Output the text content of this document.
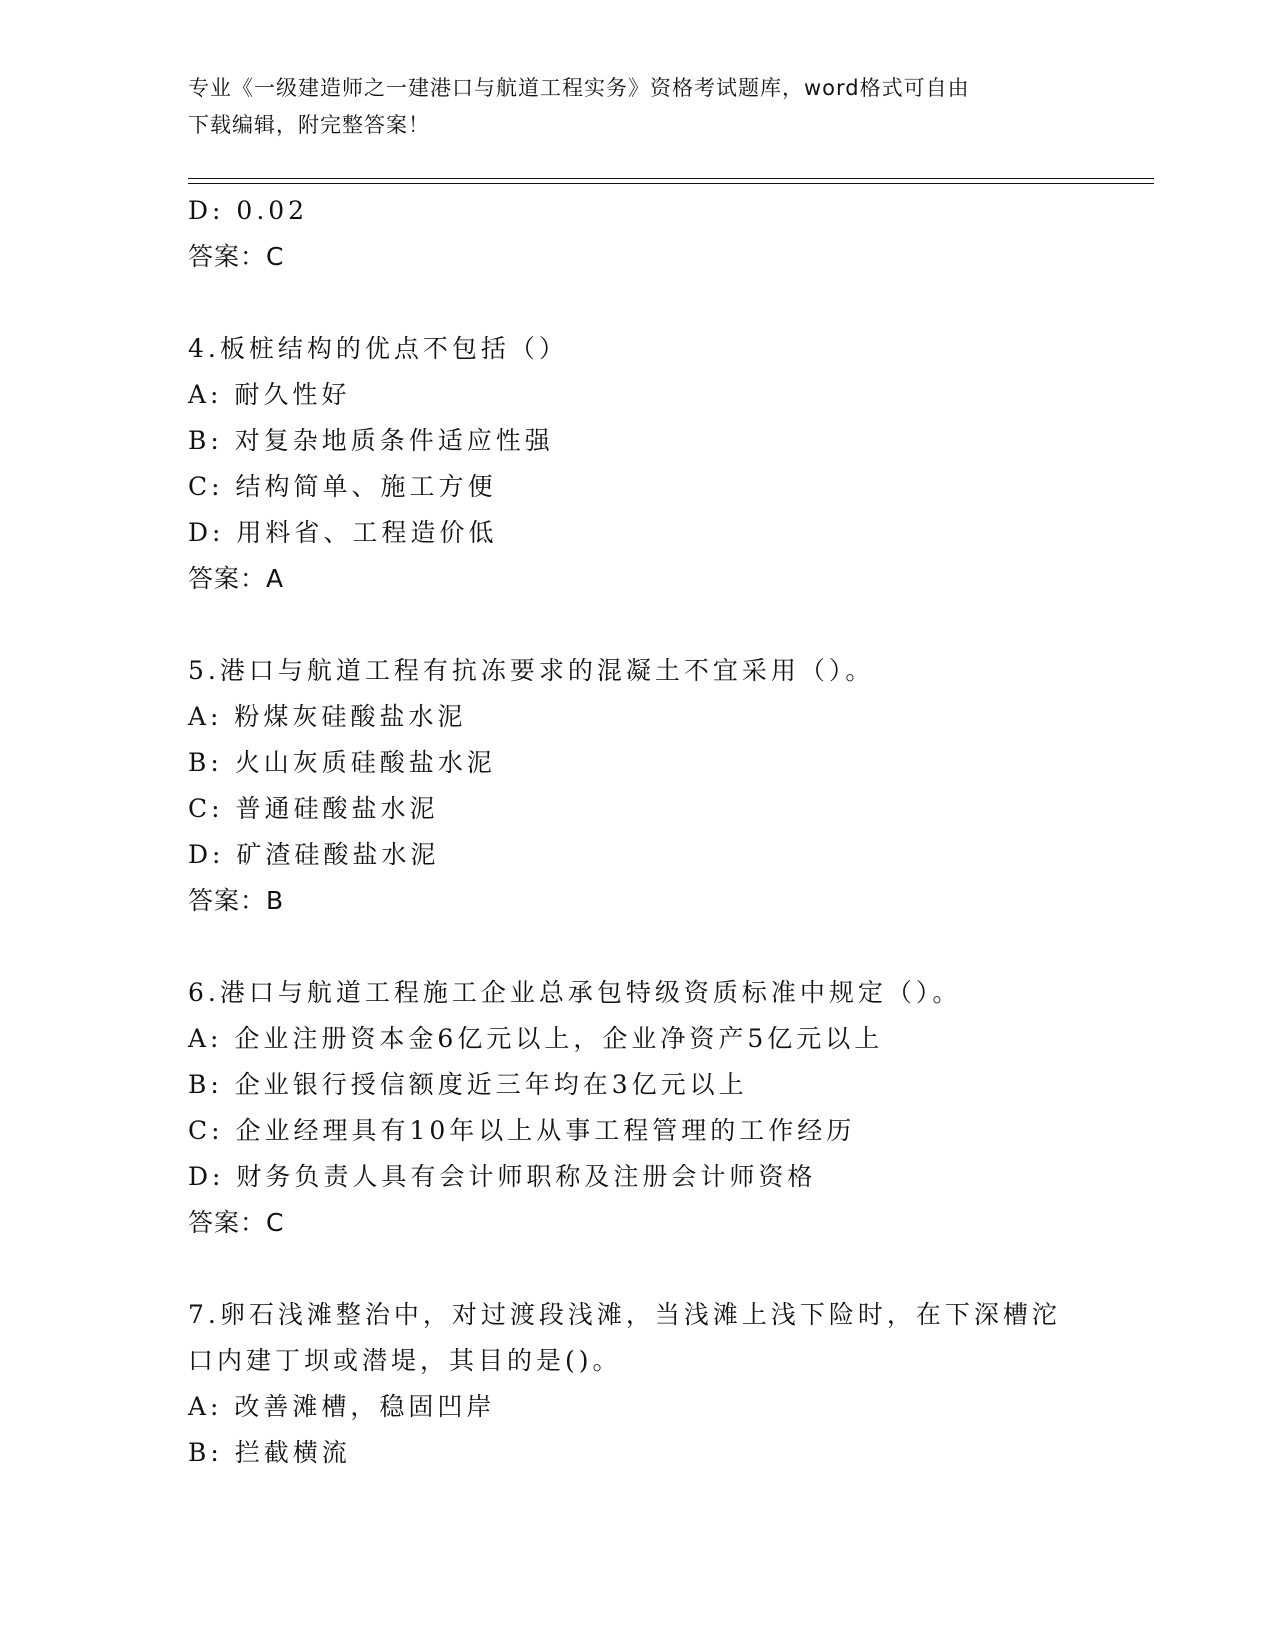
专业《一级建造师之一建港口与航道工程实务》资格考试题库，word格式可自由
下载编辑，附完整答案！
D: 0.02
答案：C
4.板桩结构的优点不包括（）
A: 耐久性好
B: 对复杂地质条件适应性强
C: 结构简单、施工方便
D: 用料省、工程造价低
答案：A
5.港口与航道工程有抗冻要求的混凝土不宜采用（）。
A: 粉煤灰硅酸盐水泥
B: 火山灰质硅酸盐水泥
C: 普通硅酸盐水泥
D: 矿渣硅酸盐水泥
答案：B
6.港口与航道工程施工企业总承包特级资质标准中规定（）。
A: 企业注册资本金6亿元以上，企业净资产5亿元以上
B: 企业银行授信额度近三年均在3亿元以上
C: 企业经理具有10年以上从事工程管理的工作经历
D: 财务负责人具有会计师职称及注册会计师资格
答案：C
7.卵石浅滩整治中，对过渡段浅滩，当浅滩上浅下险时，在下深槽沱
口内建丁坝或潜堤，其目的是()。
A: 改善滩槽，稳固凹岸
B: 拦截横流
